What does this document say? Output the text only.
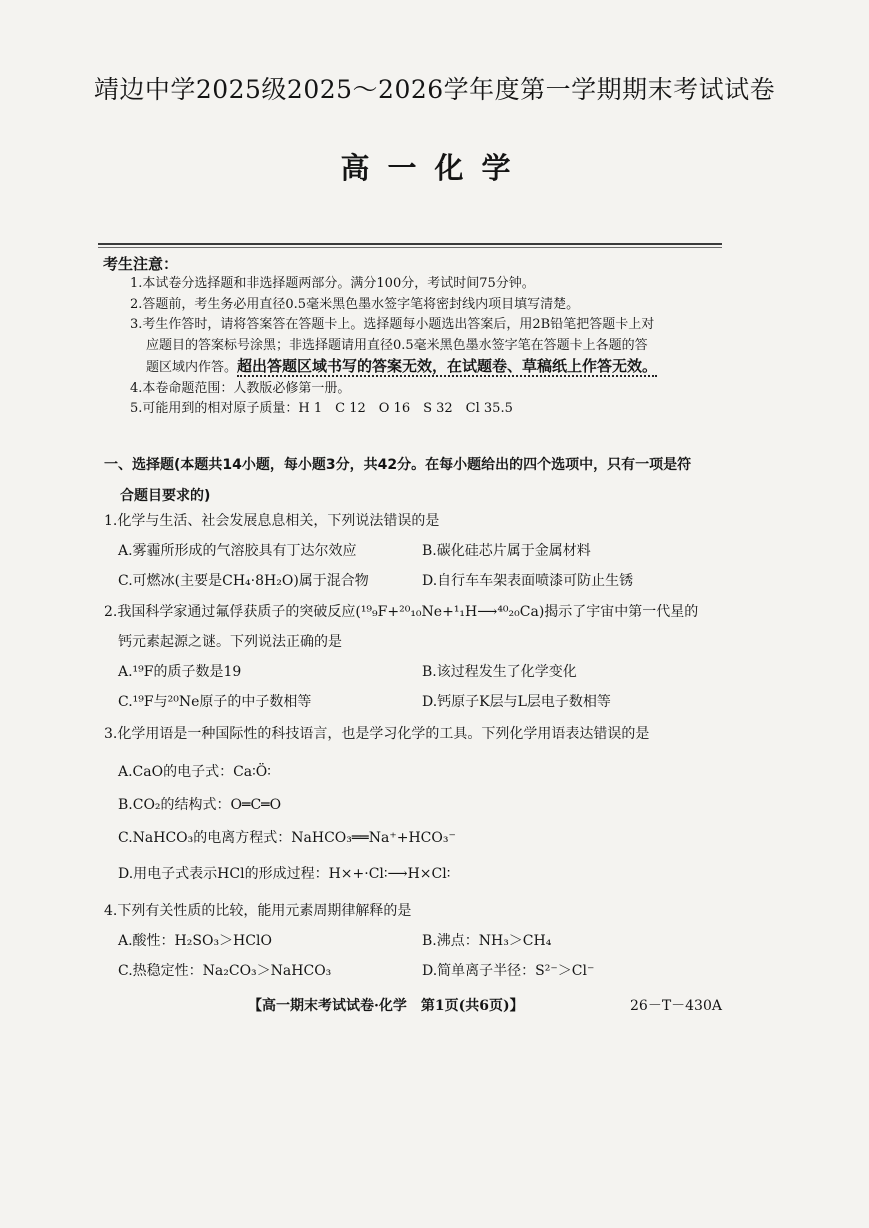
靖边中学2025级2025～2026学年度第一学期期末考试试卷
高一化学
考生注意：

1.本试卷分选择题和非选择题两部分。满分100分，考试时间75分钟。

2.答题前，考生务必用直径0.5毫米黑色墨水签字笔将密封线内项目填写清楚。

3.考生作答时，请将答案答在答题卡上。选择题每小题选出答案后，用2B铅笔把答题卡上对

应题目的答案标号涂黑；非选择题请用直径0.5毫米黑色墨水签字笔在答题卡上各题的答

题区域内作答。超出答题区域书写的答案无效，在试题卷、草稿纸上作答无效。

4.本卷命题范围：人教版必修第一册。

5.可能用到的相对原子质量：H 1　C 12　O 16　S 32　Cl 35.5

一、选择题(本题共14小题，每小题3分，共42分。在每小题给出的四个选项中，只有一项是符
合题目要求的)
1.化学与生活、社会发展息息相关，下列说法错误的是
A.雾霾所形成的气溶胶具有丁达尔效应	B.碳化硅芯片属于金属材料
C.可燃冰(主要是CH₄·8H₂O)属于混合物	D.自行车车架表面喷漆可防止生锈
2.我国科学家通过氟俘获质子的突破反应(¹⁹₉F+²⁰₁₀Ne+¹₁H⟶⁴⁰₂₀Ca)揭示了宇宙中第一代星的
钙元素起源之谜。下列说法正确的是
A.¹⁹F的质子数是19	B.该过程发生了化学变化
C.¹⁹F与²⁰Ne原子的中子数相等	D.钙原子K层与L层电子数相等
3.化学用语是一种国际性的科技语言，也是学习化学的工具。下列化学用语表达错误的是
A.CaO的电子式：Ca∶Ö∶
B.CO₂的结构式：O═C═O
C.NaHCO₃的电离方程式：NaHCO₃══Na⁺+HCO₃⁻
D.用电子式表示HCl的形成过程：H×+·Cl∶⟶H×Cl∶
4.下列有关性质的比较，能用元素周期律解释的是
A.酸性：H₂SO₃＞HClO	B.沸点：NH₃＞CH₄
C.热稳定性：Na₂CO₃＞NaHCO₃	D.简单离子半径：S²⁻＞Cl⁻
【高一期末考试试卷·化学　第1页(共6页)】	26－T－430A
